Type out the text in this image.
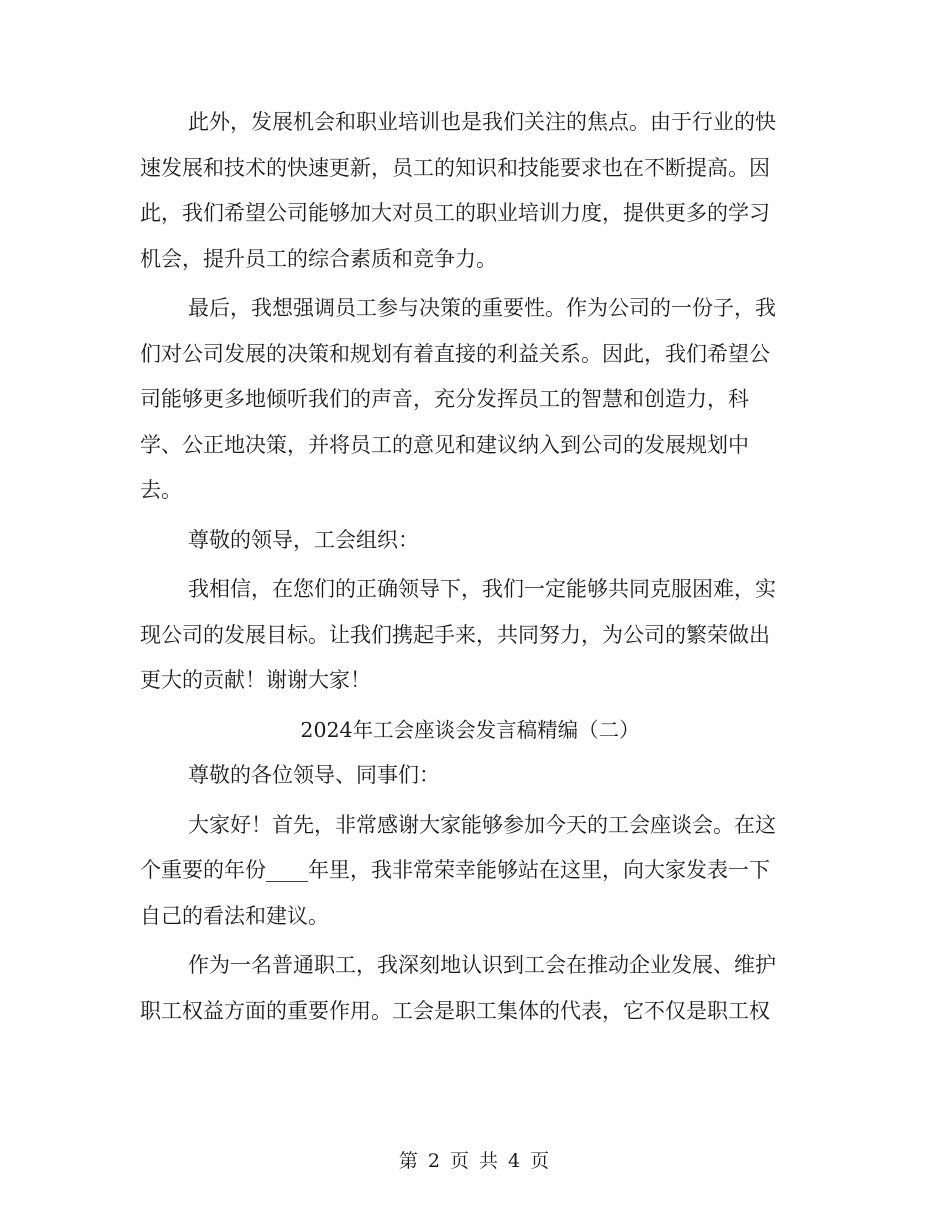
此外，发展机会和职业培训也是我们关注的焦点。由于行业的快
速发展和技术的快速更新，员工的知识和技能要求也在不断提高。因
此，我们希望公司能够加大对员工的职业培训力度，提供更多的学习
机会，提升员工的综合素质和竞争力。
最后，我想强调员工参与决策的重要性。作为公司的一份子，我
们对公司发展的决策和规划有着直接的利益关系。因此，我们希望公
司能够更多地倾听我们的声音，充分发挥员工的智慧和创造力，科
学、公正地决策，并将员工的意见和建议纳入到公司的发展规划中
去。
尊敬的领导，工会组织：
我相信，在您们的正确领导下，我们一定能够共同克服困难，实
现公司的发展目标。让我们携起手来，共同努力，为公司的繁荣做出
更大的贡献！谢谢大家！
2024年工会座谈会发言稿精编（二）
尊敬的各位领导、同事们：
大家好！首先，非常感谢大家能够参加今天的工会座谈会。在这
个重要的年份____年里，我非常荣幸能够站在这里，向大家发表一下
自己的看法和建议。
作为一名普通职工，我深刻地认识到工会在推动企业发展、维护
职工权益方面的重要作用。工会是职工集体的代表，它不仅是职工权
第 2 页 共 4 页
